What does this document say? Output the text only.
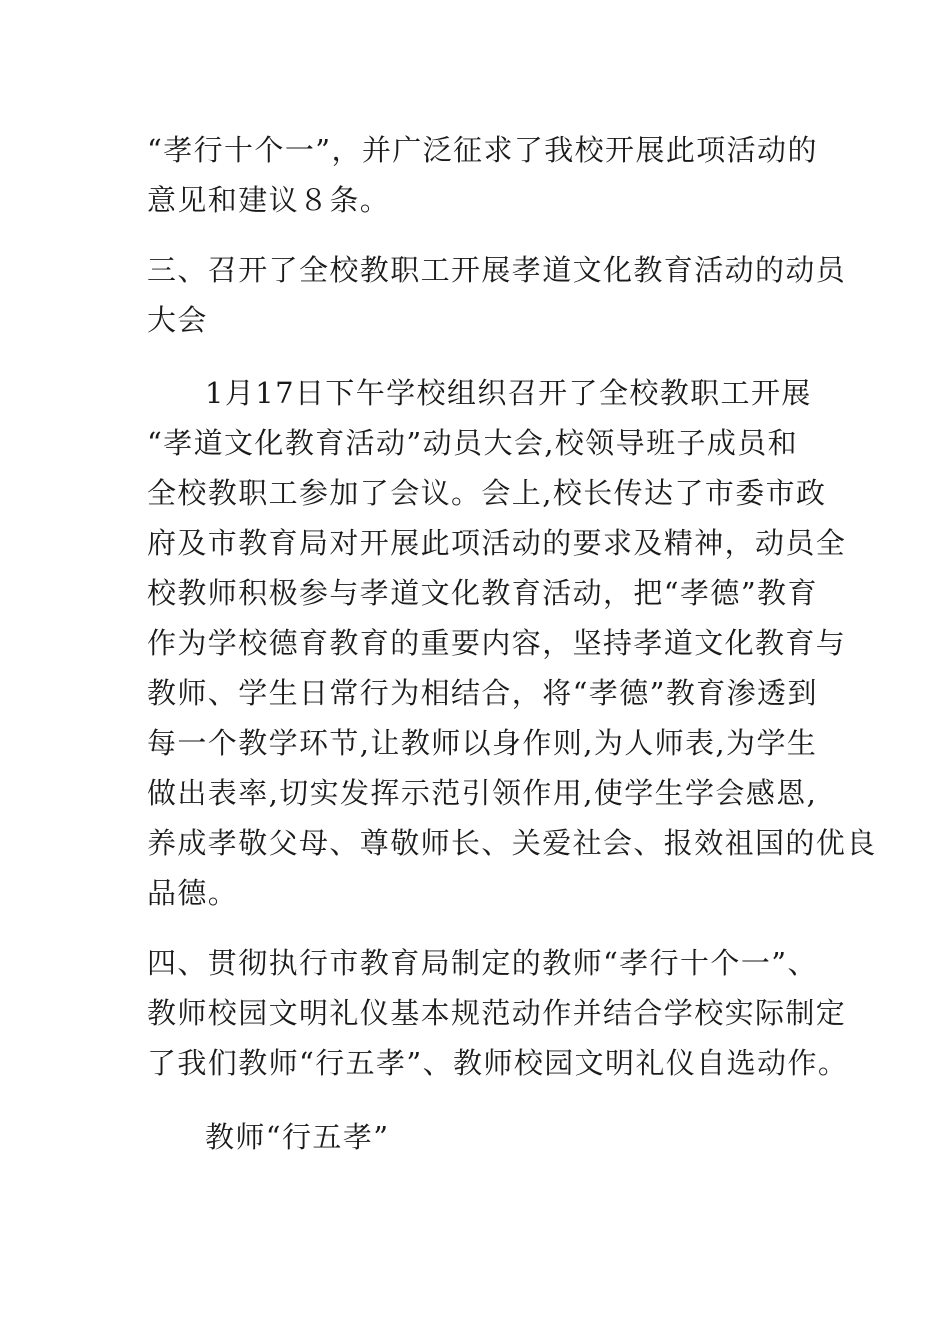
“孝行十个一”，并广泛征求了我校开展此项活动的
意见和建议８条。
三、召开了全校教职工开展孝道文化教育活动的动员
大会
1月17日下午学校组织召开了全校教职工开展
“孝道文化教育活动”动员大会,校领导班子成员和
全校教职工参加了会议。会上,校长传达了市委市政
府及市教育局对开展此项活动的要求及精神，动员全
校教师积极参与孝道文化教育活动，把“孝德”教育
作为学校德育教育的重要内容，坚持孝道文化教育与
教师、学生日常行为相结合，将“孝德”教育渗透到
每一个教学环节,让教师以身作则,为人师表,为学生
做出表率,切实发挥示范引领作用,使学生学会感恩,
养成孝敬父母、尊敬师长、关爱社会、报效祖国的优良
品德。
四、贯彻执行市教育局制定的教师“孝行十个一”、
教师校园文明礼仪基本规范动作并结合学校实际制定
了我们教师“行五孝”、教师校园文明礼仪自选动作。
教师“行五孝”
